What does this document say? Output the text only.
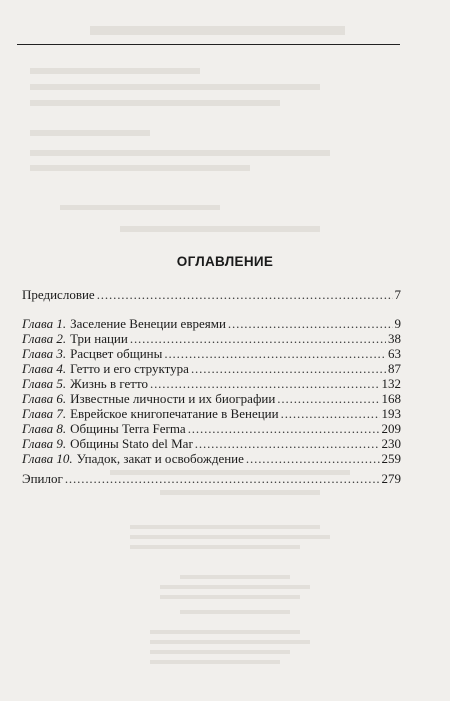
ОГЛАВЛЕНИЕ
Предисловие . . .	7
Глава 1. Заселение Венеции евреями . . .	9
Глава 2. Три нации . . .	38
Глава 3. Расцвет общины . . .	63
Глава 4. Гетто и его структура . . .	87
Глава 5. Жизнь в гетто . . .	132
Глава 6. Известные личности и их биографии . . .	168
Глава 7. Еврейское книгопечатание в Венеции . . .	193
Глава 8. Общины Terra Ferma . . .	209
Глава 9. Общины Stato del Mar . . .	230
Глава 10. Упадок, закат и освобождение . . .	259
Эпилог . . .	279
